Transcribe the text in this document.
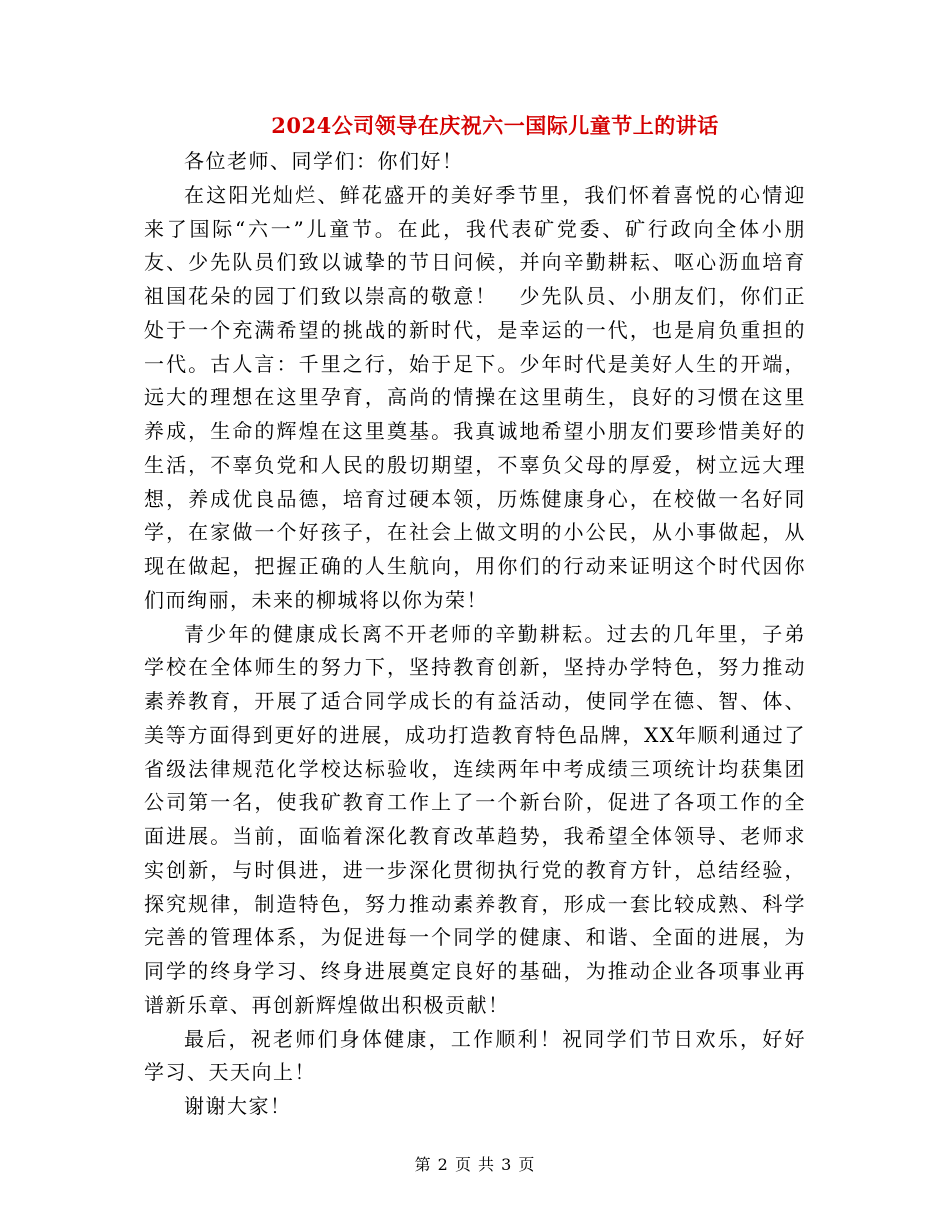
2024公司领导在庆祝六一国际儿童节上的讲话

各位老师、同学们：你们好！

在这阳光灿烂、鲜花盛开的美好季节里，我们怀着喜悦的心情迎来了国际“六一”儿童节。在此，我代表矿党委、矿行政向全体小朋友、少先队员们致以诚挚的节日问候，并向辛勤耕耘、呕心沥血培育祖国花朵的园丁们致以崇高的敬意！　少先队员、小朋友们，你们正处于一个充满希望的挑战的新时代，是幸运的一代，也是肩负重担的一代。古人言：千里之行，始于足下。少年时代是美好人生的开端，远大的理想在这里孕育，高尚的情操在这里萌生，良好的习惯在这里养成，生命的辉煌在这里奠基。我真诚地希望小朋友们要珍惜美好的生活，不辜负党和人民的殷切期望，不辜负父母的厚爱，树立远大理想，养成优良品德，培育过硬本领，历炼健康身心，在校做一名好同学，在家做一个好孩子，在社会上做文明的小公民，从小事做起，从现在做起，把握正确的人生航向，用你们的行动来证明这个时代因你们而绚丽，未来的柳城将以你为荣！

青少年的健康成长离不开老师的辛勤耕耘。过去的几年里，子弟学校在全体师生的努力下，坚持教育创新，坚持办学特色，努力推动素养教育，开展了适合同学成长的有益活动，使同学在德、智、体、美等方面得到更好的进展，成功打造教育特色品牌，XX年顺利通过了省级法律规范化学校达标验收，连续两年中考成绩三项统计均获集团公司第一名，使我矿教育工作上了一个新台阶，促进了各项工作的全面进展。当前，面临着深化教育改革趋势，我希望全体领导、老师求实创新，与时俱进，进一步深化贯彻执行党的教育方针，总结经验，探究规律，制造特色，努力推动素养教育，形成一套比较成熟、科学完善的管理体系，为促进每一个同学的健康、和谐、全面的进展，为同学的终身学习、终身进展奠定良好的基础，为推动企业各项事业再谱新乐章、再创新辉煌做出积极贡献！

最后，祝老师们身体健康，工作顺利！祝同学们节日欢乐，好好学习、天天向上！

谢谢大家！

第 2 页 共 3 页
